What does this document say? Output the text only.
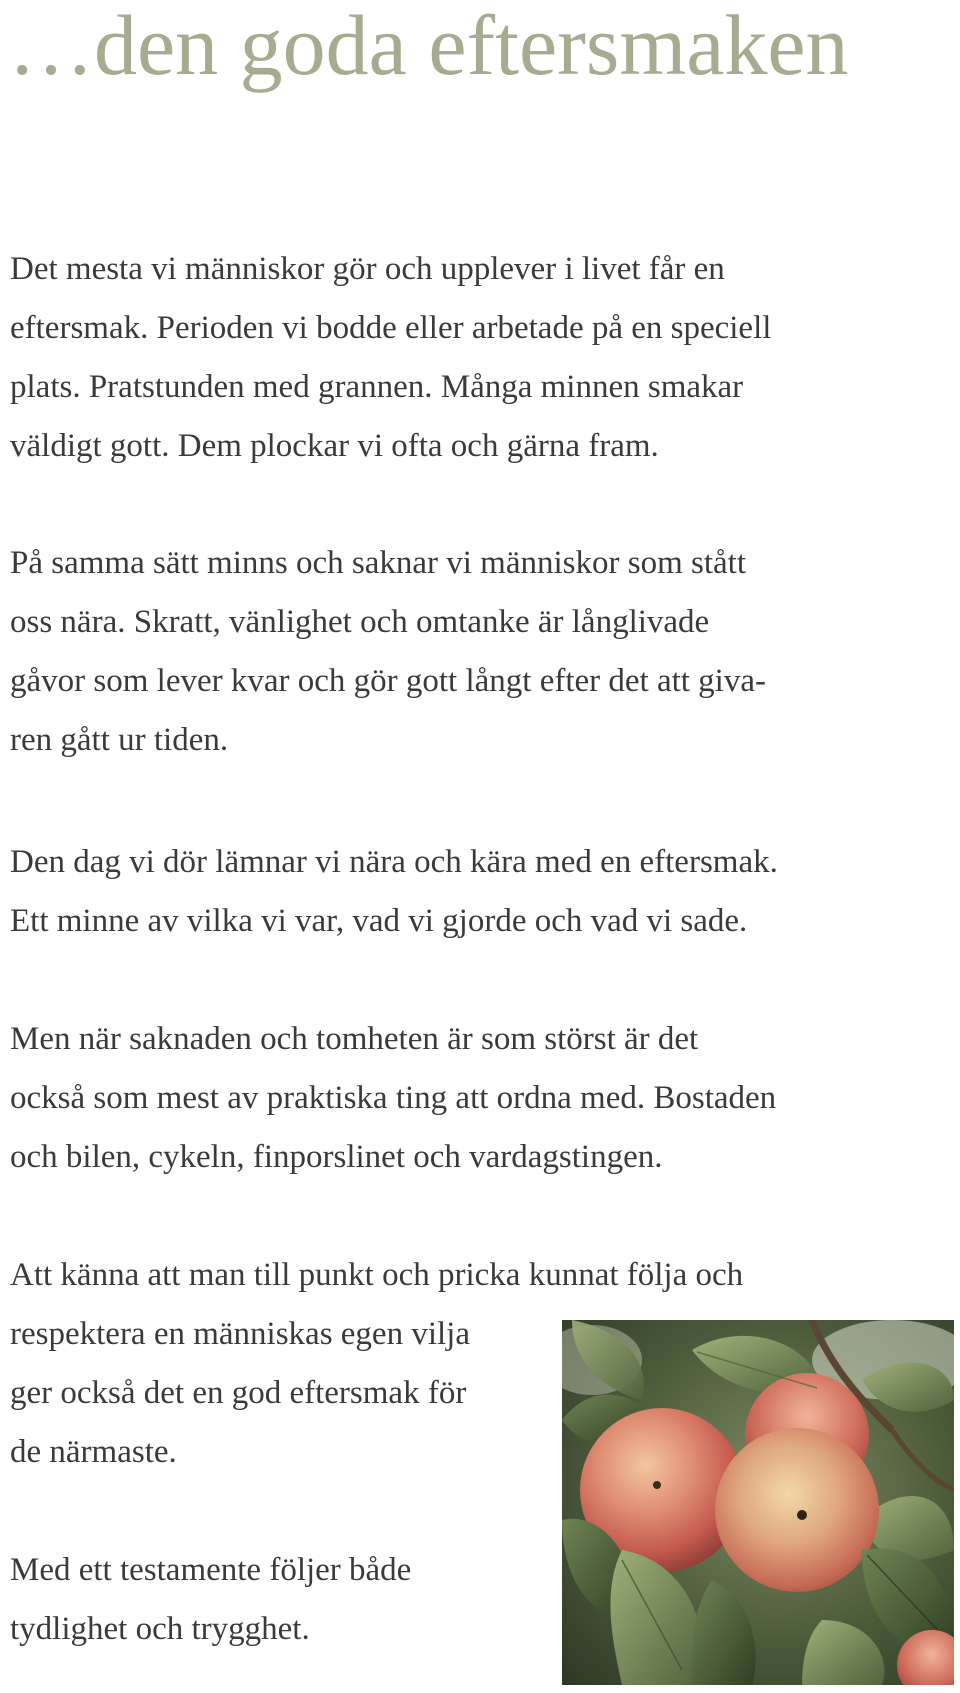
…den goda eftersmaken
Det mesta vi människor gör och upplever i livet får en
eftersmak. Perioden vi bodde eller arbetade på en speciell
plats. Pratstunden med grannen. Många minnen smakar
väldigt gott. Dem plockar vi ofta och gärna fram.
På samma sätt minns och saknar vi människor som stått
oss nära. Skratt, vänlighet och omtanke är långlivade
gåvor som lever kvar och gör gott långt efter det att giva-
ren gått ur tiden.
Den dag vi dör lämnar vi nära och kära med en eftersmak.
Ett minne av vilka vi var, vad vi gjorde och vad vi sade.
Men när saknaden och tomheten är som störst är det
också som mest av praktiska ting att ordna med. Bostaden
och bilen, cykeln, finporslinet och vardagstingen.
Att känna att man till punkt och pricka kunnat följa och
respektera en människas egen vilja
ger också det en god eftersmak för
de närmaste.
Med ett testamente följer både
tydlighet och trygghet.
